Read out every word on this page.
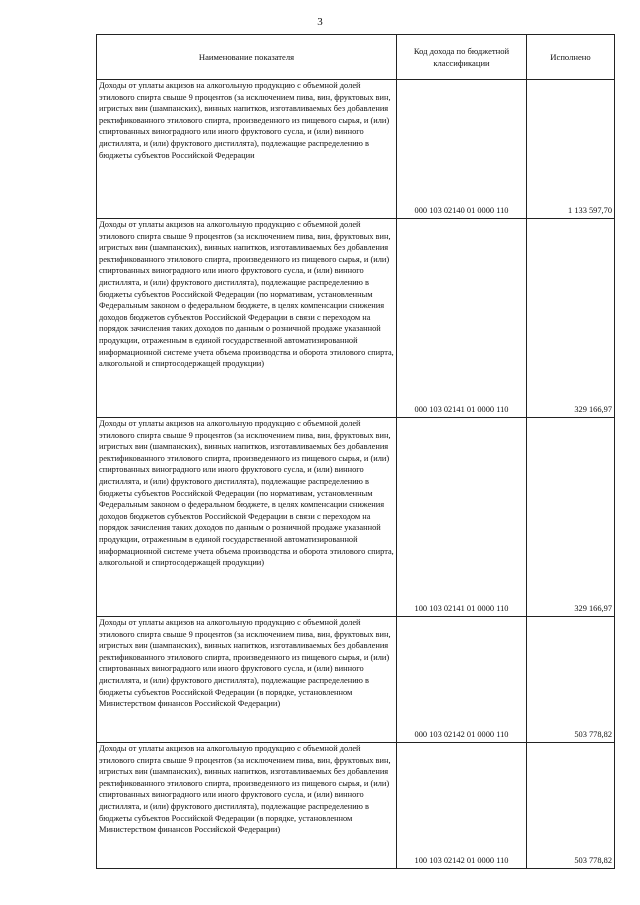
3
Наименование показателя	Код дохода по бюджетной классификации	Исполнено
Доходы от уплаты акцизов на алкогольную продукцию с объемной долей этилового спирта свыше 9 процентов (за исключением пива, вин, фруктовых вин, игристых вин (шампанских), винных напитков, изготавливаемых без добавления ректификованного этилового спирта, произведенного из пищевого сырья, и (или) спиртованных виноградного или иного фруктового сусла, и (или) винного дистиллята, и (или) фруктового дистиллята), подлежащие распределению в бюджеты субъектов Российской Федерации	000 103 02140 01 0000 110	1 133 597,70
Доходы от уплаты акцизов на алкогольную продукцию с объемной долей этилового спирта свыше 9 процентов (за исключением пива, вин, фруктовых вин, игристых вин (шампанских), винных напитков, изготавливаемых без добавления ректификованного этилового спирта, произведенного из пищевого сырья, и (или) спиртованных виноградного или иного фруктового сусла, и (или) винного дистиллята, и (или) фруктового дистиллята), подлежащие распределению в бюджеты субъектов Российской Федерации (по нормативам, установленным Федеральным законом о федеральном бюджете, в целях компенсации снижения доходов бюджетов субъектов Российской Федерации в связи с переходом на порядок зачисления таких доходов по данным о розничной продаже указанной продукции, отраженным в единой государственной автоматизированной информационной системе учета объема производства и оборота этилового спирта, алкогольной и спиртосодержащей продукции)	000 103 02141 01 0000 110	329 166,97
Доходы от уплаты акцизов на алкогольную продукцию с объемной долей этилового спирта свыше 9 процентов (за исключением пива, вин, фруктовых вин, игристых вин (шампанских), винных напитков, изготавливаемых без добавления ректификованного этилового спирта, произведенного из пищевого сырья, и (или) спиртованных виноградного или иного фруктового сусла, и (или) винного дистиллята, и (или) фруктового дистиллята), подлежащие распределению в бюджеты субъектов Российской Федерации (по нормативам, установленным Федеральным законом о федеральном бюджете, в целях компенсации снижения доходов бюджетов субъектов Российской Федерации в связи с переходом на порядок зачисления таких доходов по данным о розничной продаже указанной продукции, отраженным в единой государственной автоматизированной информационной системе учета объема производства и оборота этилового спирта, алкогольной и спиртосодержащей продукции)	100 103 02141 01 0000 110	329 166,97
Доходы от уплаты акцизов на алкогольную продукцию с объемной долей этилового спирта свыше 9 процентов (за исключением пива, вин, фруктовых вин, игристых вин (шампанских), винных напитков, изготавливаемых без добавления ректификованного этилового спирта, произведенного из пищевого сырья, и (или) спиртованных виноградного или иного фруктового сусла, и (или) винного дистиллята, и (или) фруктового дистиллята), подлежащие распределению в бюджеты субъектов Российской Федерации (в порядке, установленном Министерством финансов Российской Федерации)	000 103 02142 01 0000 110	503 778,82
Доходы от уплаты акцизов на алкогольную продукцию с объемной долей этилового спирта свыше 9 процентов (за исключением пива, вин, фруктовых вин, игристых вин (шампанских), винных напитков, изготавливаемых без добавления ректификованного этилового спирта, произведенного из пищевого сырья, и (или) спиртованных виноградного или иного фруктового сусла, и (или) винного дистиллята, и (или) фруктового дистиллята), подлежащие распределению в бюджеты субъектов Российской Федерации (в порядке, установленном Министерством финансов Российской Федерации)	100 103 02142 01 0000 110	503 778,82
